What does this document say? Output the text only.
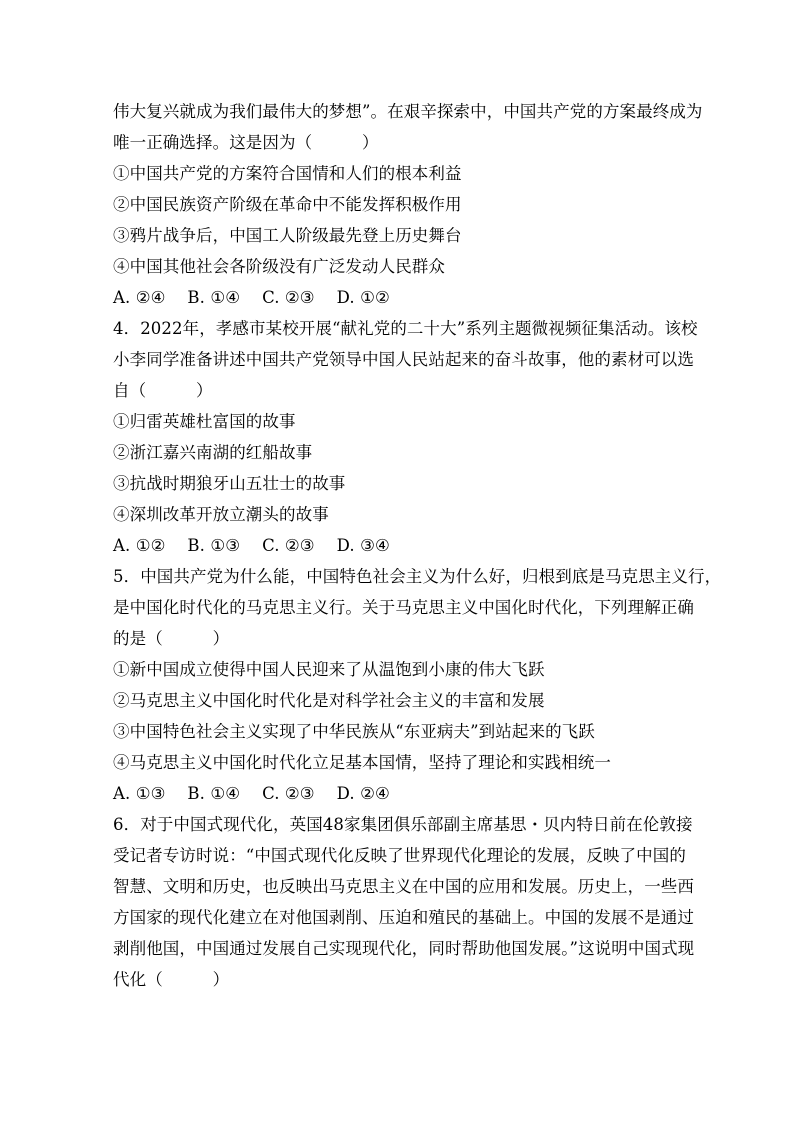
伟大复兴就成为我们最伟大的梦想”。在艰辛探索中，中国共产党的方案最终成为
唯一正确选择。这是因为（　　　）
①中国共产党的方案符合国情和人们的根本利益
②中国民族资产阶级在革命中不能发挥积极作用
③鸦片战争后，中国工人阶级最先登上历史舞台
④中国其他社会各阶级没有广泛发动人民群众
A. ②④　 B. ①④　 C. ②③　 D. ①②
4．2022年，孝感市某校开展“献礼党的二十大”系列主题微视频征集活动。该校
小李同学准备讲述中国共产党领导中国人民站起来的奋斗故事，他的素材可以选
自（　　　）
①归雷英雄杜富国的故事
②浙江嘉兴南湖的红船故事
③抗战时期狼牙山五壮士的故事
④深圳改革开放立潮头的故事
A. ①②　 B. ①③　 C. ②③　 D. ③④
5．中国共产党为什么能，中国特色社会主义为什么好，归根到底是马克思主义行，
是中国化时代化的马克思主义行。关于马克思主义中国化时代化，下列理解正确
的是（　　　）
①新中国成立使得中国人民迎来了从温饱到小康的伟大飞跃
②马克思主义中国化时代化是对科学社会主义的丰富和发展
③中国特色社会主义实现了中华民族从“东亚病夫”到站起来的飞跃
④马克思主义中国化时代化立足基本国情，坚持了理论和实践相统一
A. ①③　 B. ①④　 C. ②③　 D. ②④
6．对于中国式现代化，英国48家集团俱乐部副主席基思・贝内特日前在伦敦接
受记者专访时说：“中国式现代化反映了世界现代化理论的发展，反映了中国的
智慧、文明和历史，也反映出马克思主义在中国的应用和发展。历史上，一些西
方国家的现代化建立在对他国剥削、压迫和殖民的基础上。中国的发展不是通过
剥削他国，中国通过发展自己实现现代化，同时帮助他国发展。”这说明中国式现
代化（　　　）
